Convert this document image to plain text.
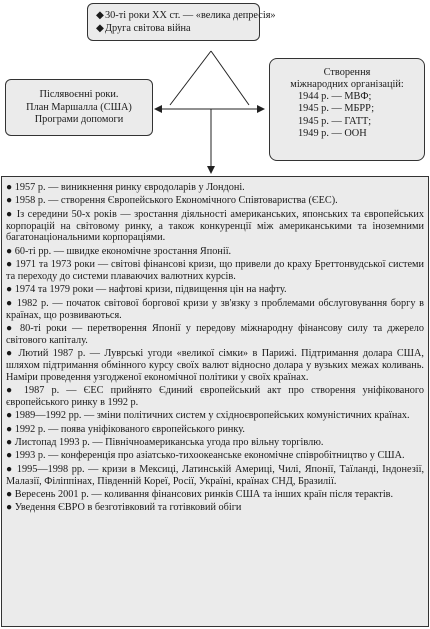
◆30-ті роки ХХ ст. — «велика депресія»
◆Друга світова війна
Післявоєнні роки.
План Маршалла (США)
Програми допомоги
Створення
міжнародних організацій:
1944 р. — МВФ;
1945 р. — МБРР;
1945 р. — ГАТТ;
1949 р. — ООН
● 1957 р. — виникнення ринку євродоларів у Лондоні.
● 1958 р. — створення Європейського Економічного Співтовариства (ЄЕС).
● Із середини 50-х років — зростання діяльності американських, японських та європейських корпорацій на світовому ринку, а також конкуренції між американськими та іноземними багатонаціональними корпораціями.
● 60-ті рр. — швидке економічне зростання Японії.
● 1971 та 1973 роки — світові фінансові кризи, що привели до краху Бреттонвудської системи та переходу до системи плаваючих валютних курсів.
● 1974 та 1979 роки — нафтові кризи, підвищення цін на нафту.
● 1982 р. — початок світової боргової кризи у зв'язку з проблемами обслуговування боргу в країнах, що розвиваються.
● 80-ті роки — перетворення Японії у передову міжнародну фінансову силу та джерело світового капіталу.
● Лютий 1987 р. — Луврські угоди «великої сімки» в Парижі. Підтримання долара США, шляхом підтримання обмінного курсу своїх валют відносно долара у вузьких межах коливань. Наміри проведення узгодженої економічної політики у своїх країнах.
● 1987 р. — ЄЕС прийнято Єдиний європейський акт про створення уніфікованого європейського ринку в 1992 р.
● 1989—1992 рр. — зміни політичних систем у східноєвропейських комуністичних країнах.
● 1992 р. — поява уніфікованого європейського ринку.
● Листопад 1993 р. — Північноамериканська угода про вільну торгівлю.
● 1993 р. — конференція про азіатсько-тихоокеанське економічне співробітництво у США.
● 1995—1998 рр. — кризи в Мексиці, Латинській Америці, Чилі, Японії, Таїланді, Індонезії, Малазії, Філіппінах, Південній Кореї, Росії, Україні, країнах СНД, Бразилії.
● Вересень 2001 р. — коливання фінансових ринків США та інших країн після терактів.
● Уведення ЄВРО в безготівковий та готівковий обіги
